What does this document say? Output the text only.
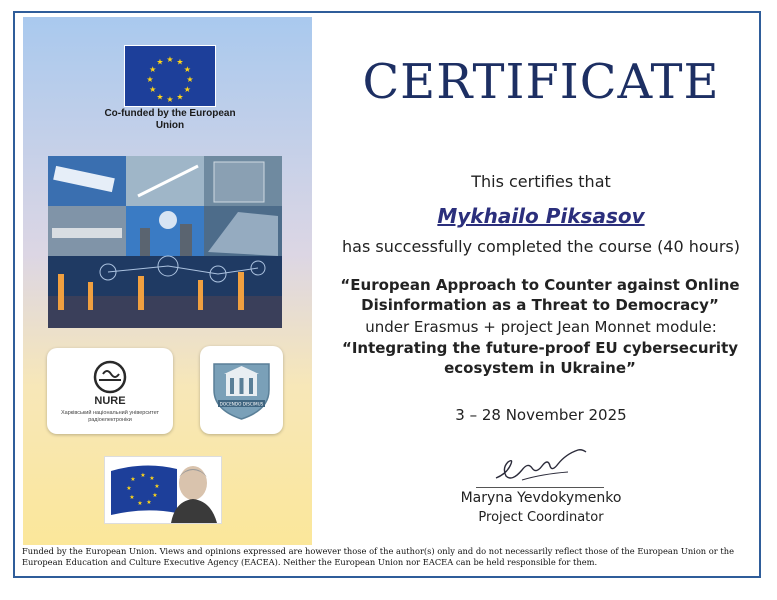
★ ★
★
★
★
★
★
★
★
★
★
★
Co-funded by the European Union
NURE
Харківський національний університет радіоелектроніки
DOCENDO DISCIMUS
★ ★
★
★
★
★
★
★
★
CERTIFICATE
This certifies that
Mykhailo Piksasov
has successfully completed the course (40 hours)
“European Approach to Counter against Online Disinformation as a Threat to Democracy”
under Erasmus + project Jean Monnet module:
“Integrating the future-proof EU cybersecurity ecosystem in Ukraine”
3 – 28 November 2025
Maryna Yevdokymenko
Project Coordinator
Funded by the European Union. Views and opinions expressed are however those of the author(s) only and do not necessarily reflect those of the European Union or the European Education and Culture Executive Agency (EACEA). Neither the European Union nor EACEA can be held responsible for them.
